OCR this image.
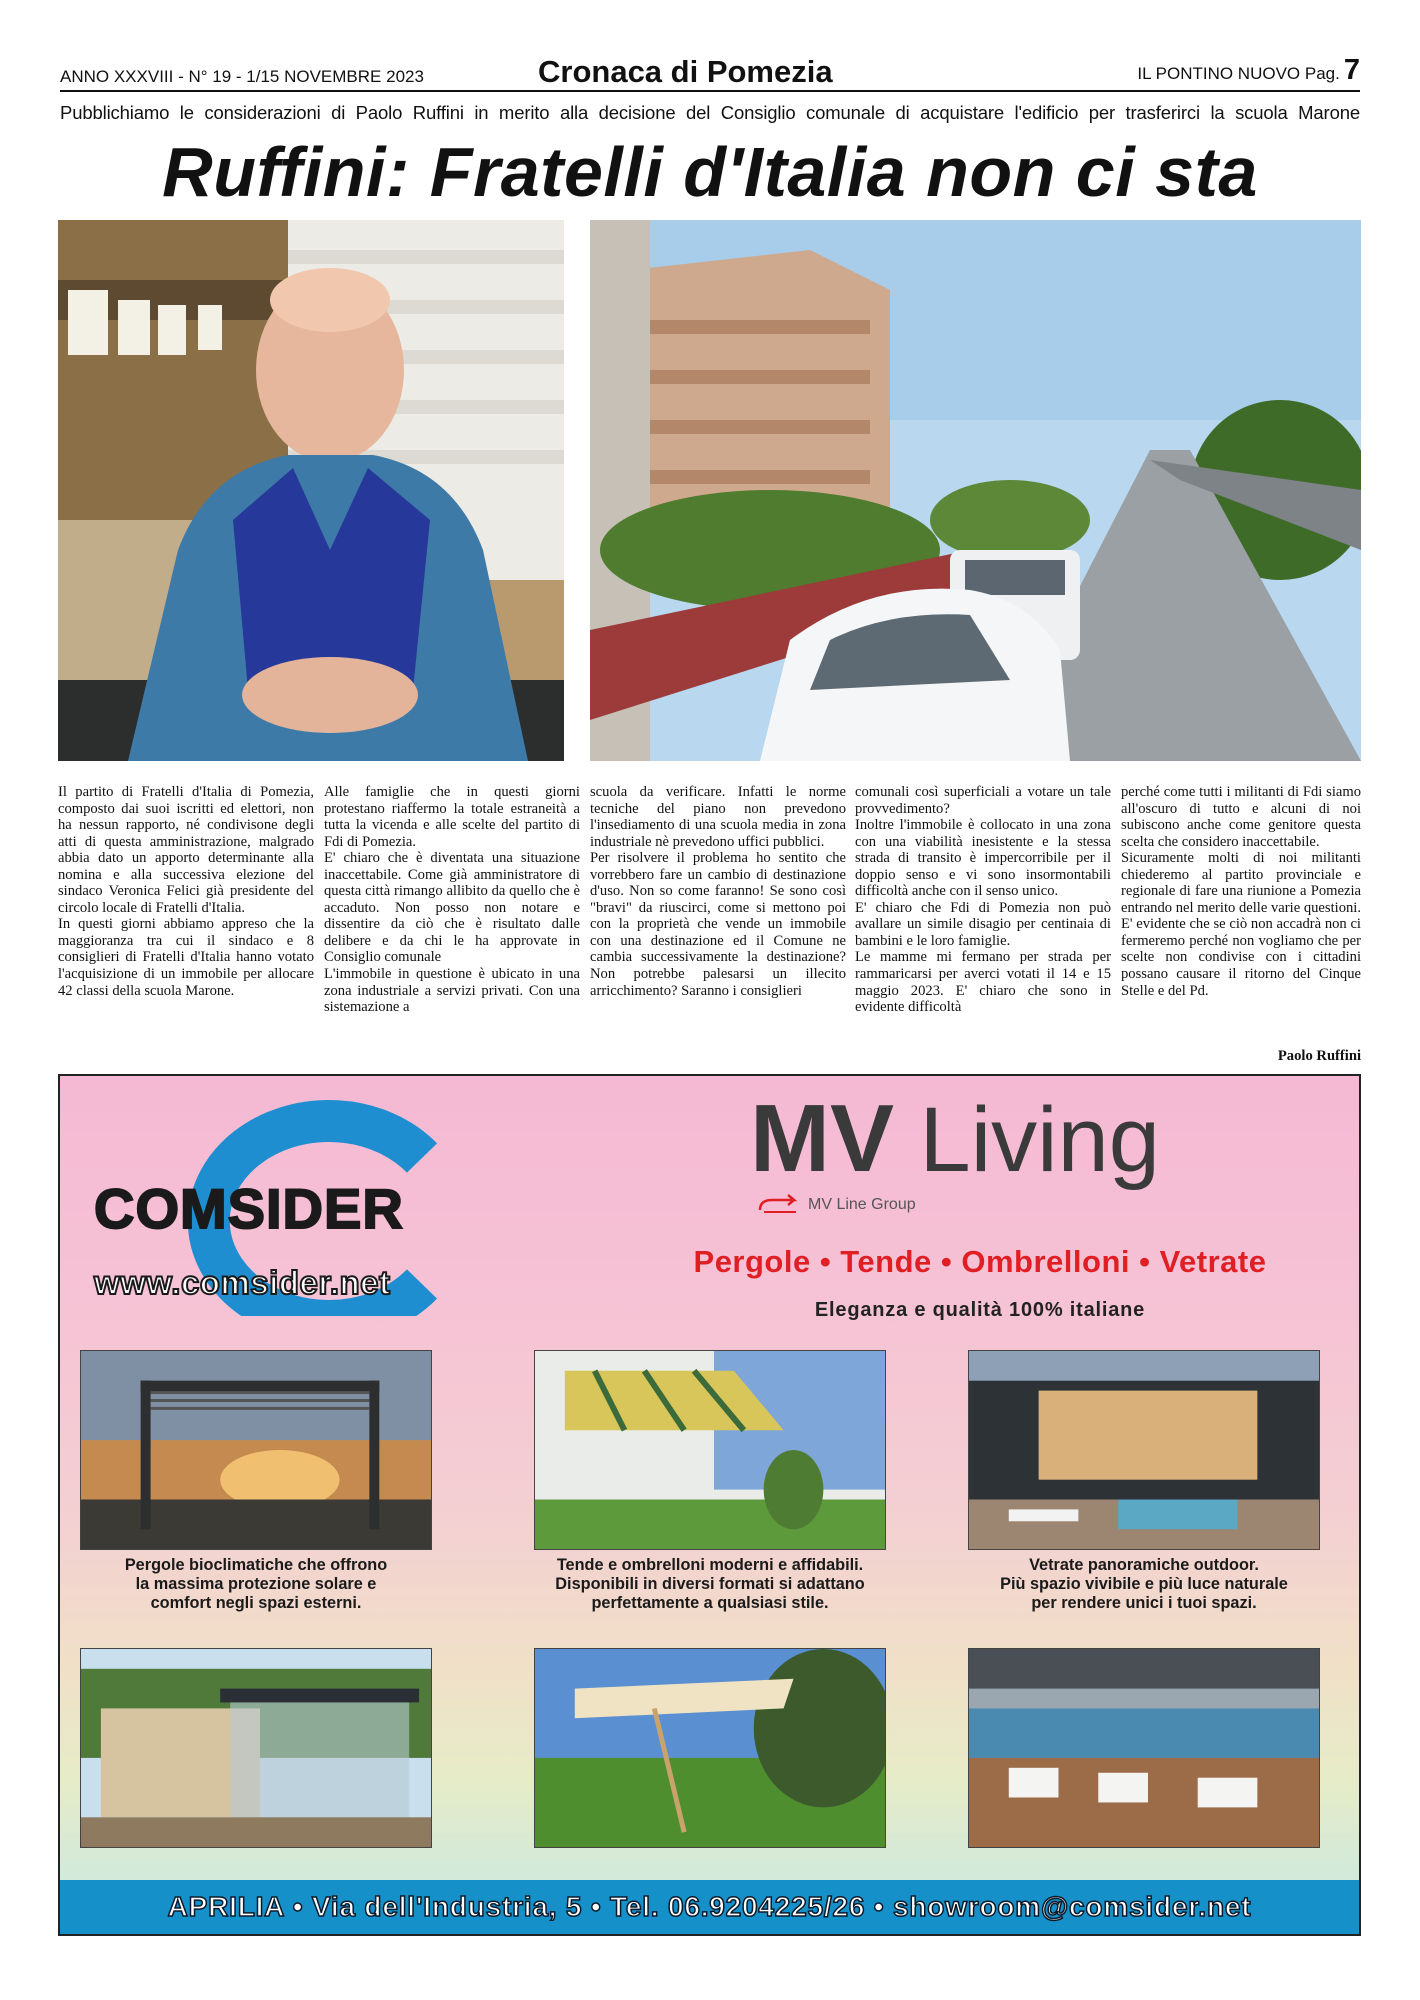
ANNO XXXVIII - N° 19 - 1/15 NOVEMBRE 2023	Cronaca di Pomezia	IL PONTINO NUOVO Pag. 7
Pubblichiamo le considerazioni di Paolo Ruffini in merito alla decisione del Consiglio comunale di acquistare l'edificio per trasferirci la scuola Marone
Ruffini: Fratelli d'Italia non ci sta

Il partito di Fratelli d'Italia di Pomezia, composto dai suoi iscritti ed elettori, non ha nessun rapporto, né condivisone degli atti di questa amministrazione, malgrado abbia dato un apporto determinante alla nomina e alla successiva elezione del sindaco Veronica Felici già presidente del circolo locale di Fratelli d'Italia.

In questi giorni abbiamo appreso che la maggioranza tra cui il sindaco e 8 consiglieri di Fratelli d'Italia hanno votato l'acquisizione di un immobile per allocare 42 classi della scuola Marone.

Alle famiglie che in questi giorni protestano riaffermo la totale estraneità a tutta la vicenda e alle scelte del partito di Fdi di Pomezia.

E' chiaro che è diventata una situazione inaccettabile. Come già amministratore di questa città rimango allibito da quello che è accaduto. Non posso non notare e dissentire da ciò che è risultato dalle delibere e da chi le ha approvate in Consiglio comunale

L'immobile in questione è ubicato in una zona industriale a servizi privati. Con una sistemazione a

scuola da verificare. Infatti le norme tecniche del piano non prevedono l'insediamento di una scuola media in zona industriale nè prevedono uffici pubblici.

Per risolvere il problema ho sentito che vorrebbero fare un cambio di destinazione d'uso. Non so come faranno! Se sono così "bravi" da riuscirci, come si mettono poi con la proprietà che vende un immobile con una destinazione ed il Comune ne cambia successivamente la destinazione? Non potrebbe palesarsi un illecito arricchimento? Saranno i consiglieri

comunali così superficiali a votare un tale provvedimento?

Inoltre l'immobile è collocato in una zona con una viabilità inesistente e la stessa strada di transito è impercorribile per il doppio senso e vi sono insormontabili difficoltà anche con il senso unico.

E' chiaro che Fdi di Pomezia non può avallare un simile disagio per centinaia di bambini e le loro famiglie.

Le mamme mi fermano per strada per rammaricarsi per averci votati il 14 e 15 maggio 2023. E' chiaro che sono in evidente difficoltà

perché come tutti i militanti di Fdi siamo all'oscuro di tutto e alcuni di noi subiscono anche come genitore questa scelta che considero inaccettabile.

Sicuramente molti di noi militanti chiederemo al partito provinciale e regionale di fare una riunione a Pomezia entrando nel merito delle varie questioni. E' evidente che se ciò non accadrà non ci fermeremo perché non vogliamo che per scelte non condivise con i cittadini possano causare il ritorno del Cinque Stelle e del Pd.

Paolo Ruffini
COMSIDER
www.comsider.net
MV Living
MV Line Group
Pergole • Tende • Ombrelloni • Vetrate
Eleganza e qualità 100% italiane
Pergole bioclimatiche che offrono
la massima protezione solare e
comfort negli spazi esterni.
Tende e ombrelloni moderni e affidabili.
Disponibili in diversi formati si adattano
perfettamente a qualsiasi stile.
Vetrate panoramiche outdoor.
Più spazio vivibile e più luce naturale
per rendere unici i tuoi spazi.
APRILIA • Via dell'Industria, 5 • Tel. 06.9204225/26 • showroom@comsider.net
